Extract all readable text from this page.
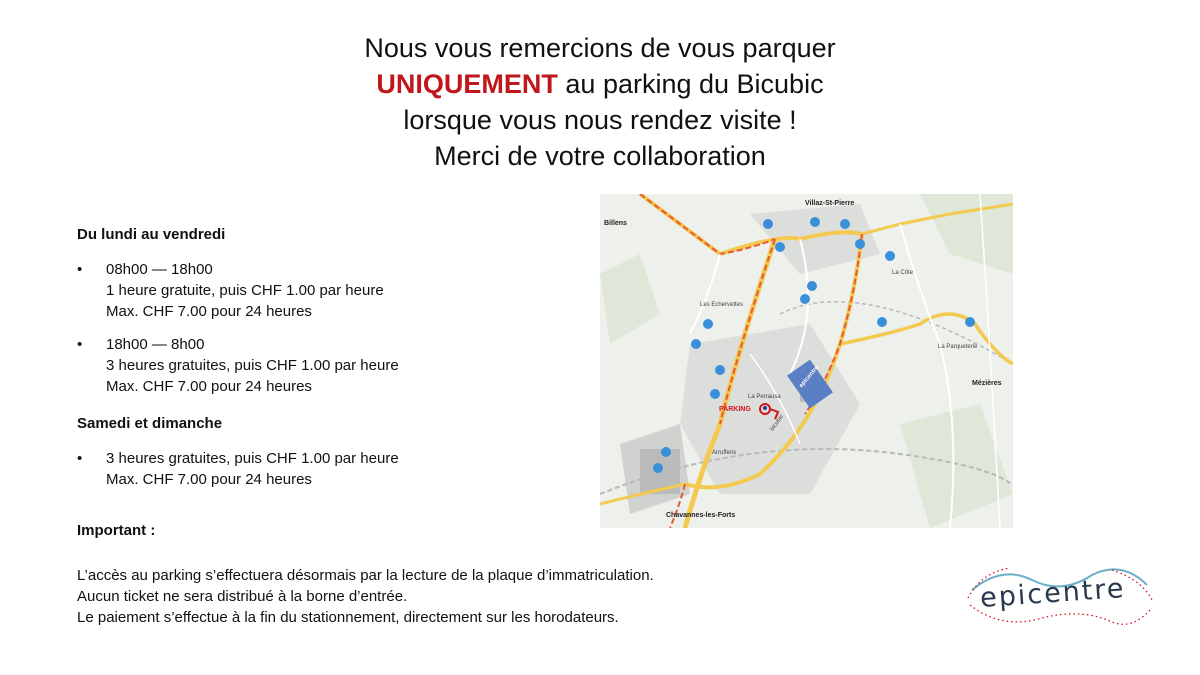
Nous vous remercions de vous parquer
UNIQUEMENT au parking du Bicubic
lorsque vous nous rendez visite !
Merci de votre collaboration
Du lundi au vendredi
• 08h00 — 18h00
1 heure gratuite, puis CHF 1.00 par heure
Max. CHF 7.00 pour 24 heures
• 18h00 — 8h00
3 heures gratuites, puis CHF 1.00 par heure
Max. CHF 7.00 pour 24 heures
Samedi et dimanche
• 3 heures gratuites, puis CHF 1.00 par heure
Max. CHF 7.00 pour 24 heures
Important :
L’accès au parking s’effectuera désormais par la lecture de la plaque d’immatriculation.
Aucun ticket ne sera distribué à la borne d’entrée.
Le paiement s’effectue à la fin du stationnement, directement sur les horodateurs.
Villaz-St-Pierre
Billens
Mézières
Chavannes-les-Forts
Les Echervettes
La Parqueterie
La Côte
La Perrausa
Arruffens
PARKING
epicentre
bicubic
epicentre
